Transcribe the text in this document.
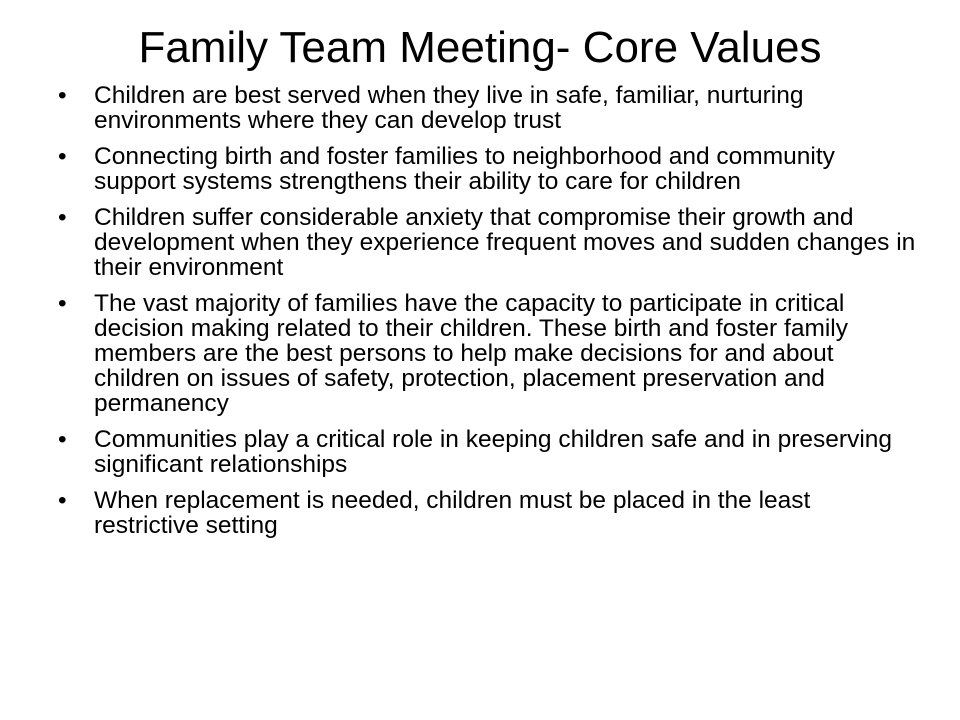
Family Team Meeting- Core Values
•	Children are best served when they live in safe, familiar, nurturing environments where they can develop trust
•	Connecting birth and foster families to neighborhood and community support systems strengthens their ability to care for children
•	Children suffer considerable anxiety that compromise their growth and development when they experience frequent moves and sudden changes in their environment
•	The vast majority of families have the capacity to participate in critical decision making related to their children. These birth and foster family members are the best persons to help make decisions for and about children on issues of safety, protection, placement preservation and permanency
•	Communities play a critical role in keeping children safe and in preserving significant relationships
•	When replacement is needed, children must be placed in the least restrictive setting
